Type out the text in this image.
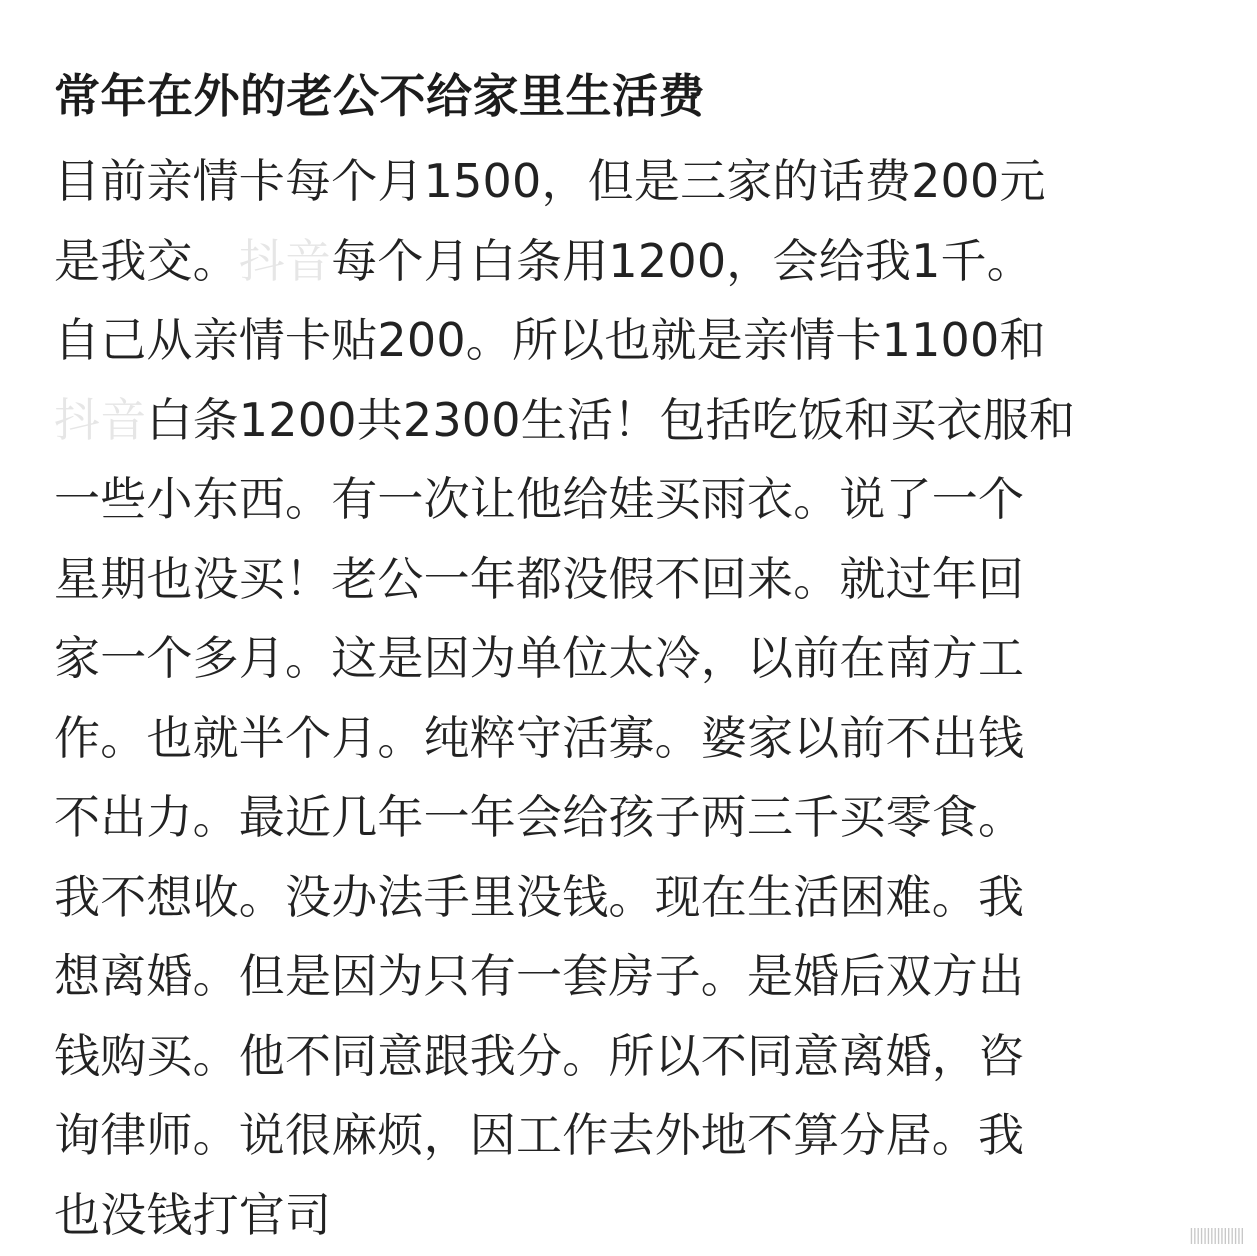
常年在外的老公不给家里生活费
目前亲情卡每个月1500，但是三家的话费200元
是我交。抖音每个月白条用1200，会给我1千。
自己从亲情卡贴200。所以也就是亲情卡1100和
抖音白条1200共2300生活！包括吃饭和买衣服和
一些小东西。有一次让他给娃买雨衣。说了一个
星期也没买！老公一年都没假不回来。就过年回
家一个多月。这是因为单位太冷，以前在南方工
作。也就半个月。纯粹守活寡。婆家以前不出钱
不出力。最近几年一年会给孩子两三千买零食。
我不想收。没办法手里没钱。现在生活困难。我
想离婚。但是因为只有一套房子。是婚后双方出
钱购买。他不同意跟我分。所以不同意离婚，咨
询律师。说很麻烦，因工作去外地不算分居。我
也没钱打官司	||||||||||||||||
